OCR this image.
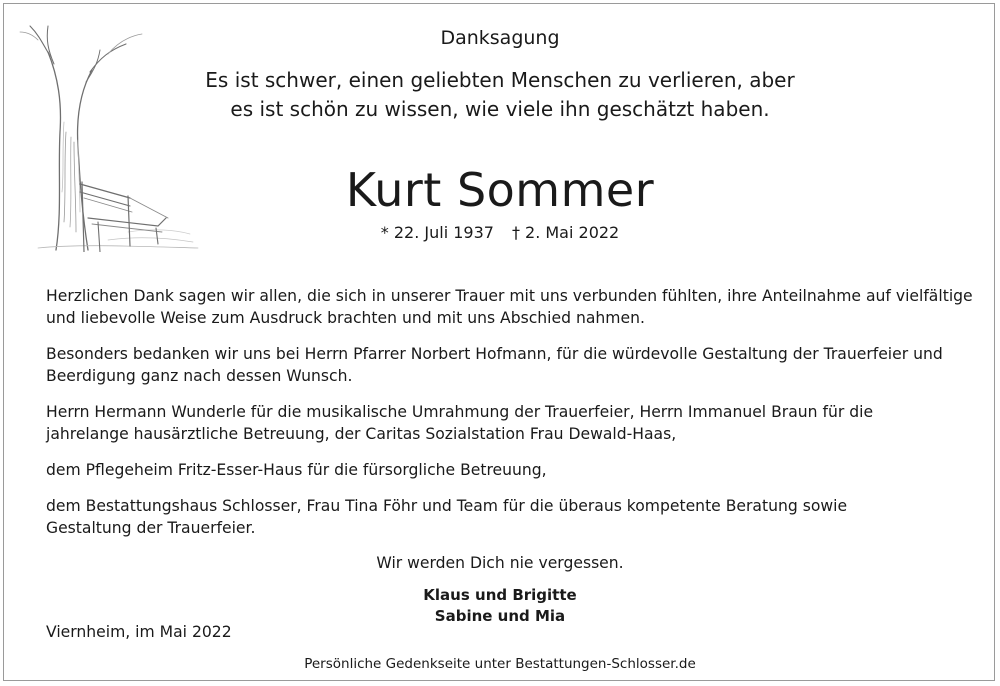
Danksagung
Es ist schwer, einen geliebten Menschen zu verlieren, aber
es ist schön zu wissen, wie viele ihn geschätzt haben.
Kurt Sommer
* 22. Juli 1937 † 2. Mai 2022
Herzlichen Dank sagen wir allen, die sich in unserer Trauer mit uns verbunden fühlten, ihre Anteilnahme auf vielfältige
und liebevolle Weise zum Ausdruck brachten und mit uns Abschied nahmen.
Besonders bedanken wir uns bei Herrn Pfarrer Norbert Hofmann, für die würdevolle Gestaltung der Trauerfeier und
Beerdigung ganz nach dessen Wunsch.
Herrn Hermann Wunderle für die musikalische Umrahmung der Trauerfeier, Herrn Immanuel Braun für die
jahrelange hausärztliche Betreuung, der Caritas Sozialstation Frau Dewald-Haas,
dem Pflegeheim Fritz-Esser-Haus für die fürsorgliche Betreuung,
dem Bestattungshaus Schlosser, Frau Tina Föhr und Team für die überaus kompetente Beratung sowie
Gestaltung der Trauerfeier.
Wir werden Dich nie vergessen.
Klaus und Brigitte
Sabine und Mia
Viernheim, im Mai 2022
Persönliche Gedenkseite unter Bestattungen-Schlosser.de
